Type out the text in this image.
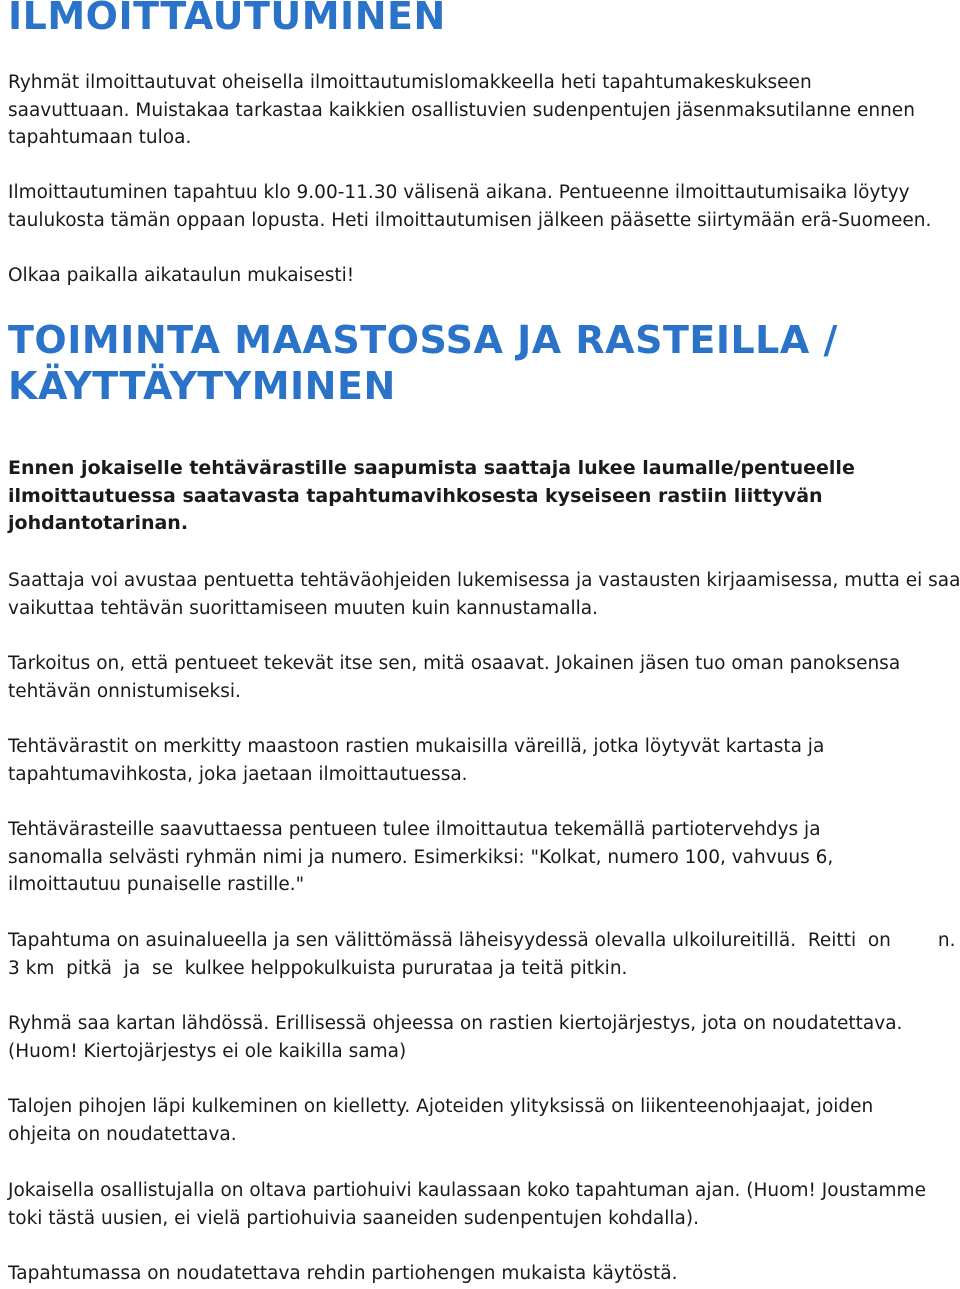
ILMOITTAUTUMINEN

Ryhmät ilmoittautuvat oheisella ilmoittautumislomakkeella heti tapahtumakeskukseen
saavuttuaan. Muistakaa tarkastaa kaikkien osallistuvien sudenpentujen jäsenmaksutilanne ennen
tapahtumaan tuloa.

Ilmoittautuminen tapahtuu klo 9.00-11.30 välisenä aikana. Pentueenne ilmoittautumisaika löytyy
taulukosta tämän oppaan lopusta. Heti ilmoittautumisen jälkeen pääsette siirtymään erä-Suomeen.

Olkaa paikalla aikataulun mukaisesti!

TOIMINTA MAASTOSSA JA RASTEILLA /
KÄYTTÄYTYMINEN

Ennen jokaiselle tehtävärastille saapumista saattaja lukee laumalle/pentueelle
ilmoittautuessa saatavasta tapahtumavihkosesta kyseiseen rastiin liittyvän
johdantotarinan.

Saattaja voi avustaa pentuetta tehtäväohjeiden lukemisessa ja vastausten kirjaamisessa, mutta ei saa
vaikuttaa tehtävän suorittamiseen muuten kuin kannustamalla.

Tarkoitus on, että pentueet tekevät itse sen, mitä osaavat. Jokainen jäsen tuo oman panoksensa
tehtävän onnistumiseksi.

Tehtävärastit on merkitty maastoon rastien mukaisilla väreillä, jotka löytyvät kartasta ja
tapahtumavihkosta, joka jaetaan ilmoittautuessa.

Tehtävärasteille saavuttaessa pentueen tulee ilmoittautua tekemällä partiotervehdys ja
sanomalla selvästi ryhmän nimi ja numero. Esimerkiksi: "Kolkat, numero 100, vahvuus 6,
ilmoittautuu punaiselle rastille."

Tapahtuma on asuinalueella ja sen välittömässä läheisyydessä olevalla ulkoilureitillä.  Reitti  on        n.
3 km  pitkä  ja  se  kulkee helppokulkuista pururataa ja teitä pitkin.

Ryhmä saa kartan lähdössä. Erillisessä ohjeessa on rastien kiertojärjestys, jota on noudatettava.
(Huom! Kiertojärjestys ei ole kaikilla sama)

Talojen pihojen läpi kulkeminen on kielletty. Ajoteiden ylityksissä on liikenteenohjaajat, joiden
ohjeita on noudatettava.

Jokaisella osallistujalla on oltava partiohuivi kaulassaan koko tapahtuman ajan. (Huom! Joustamme
toki tästä uusien, ei vielä partiohuivia saaneiden sudenpentujen kohdalla).

Tapahtumassa on noudatettava rehdin partiohengen mukaista käytöstä.
